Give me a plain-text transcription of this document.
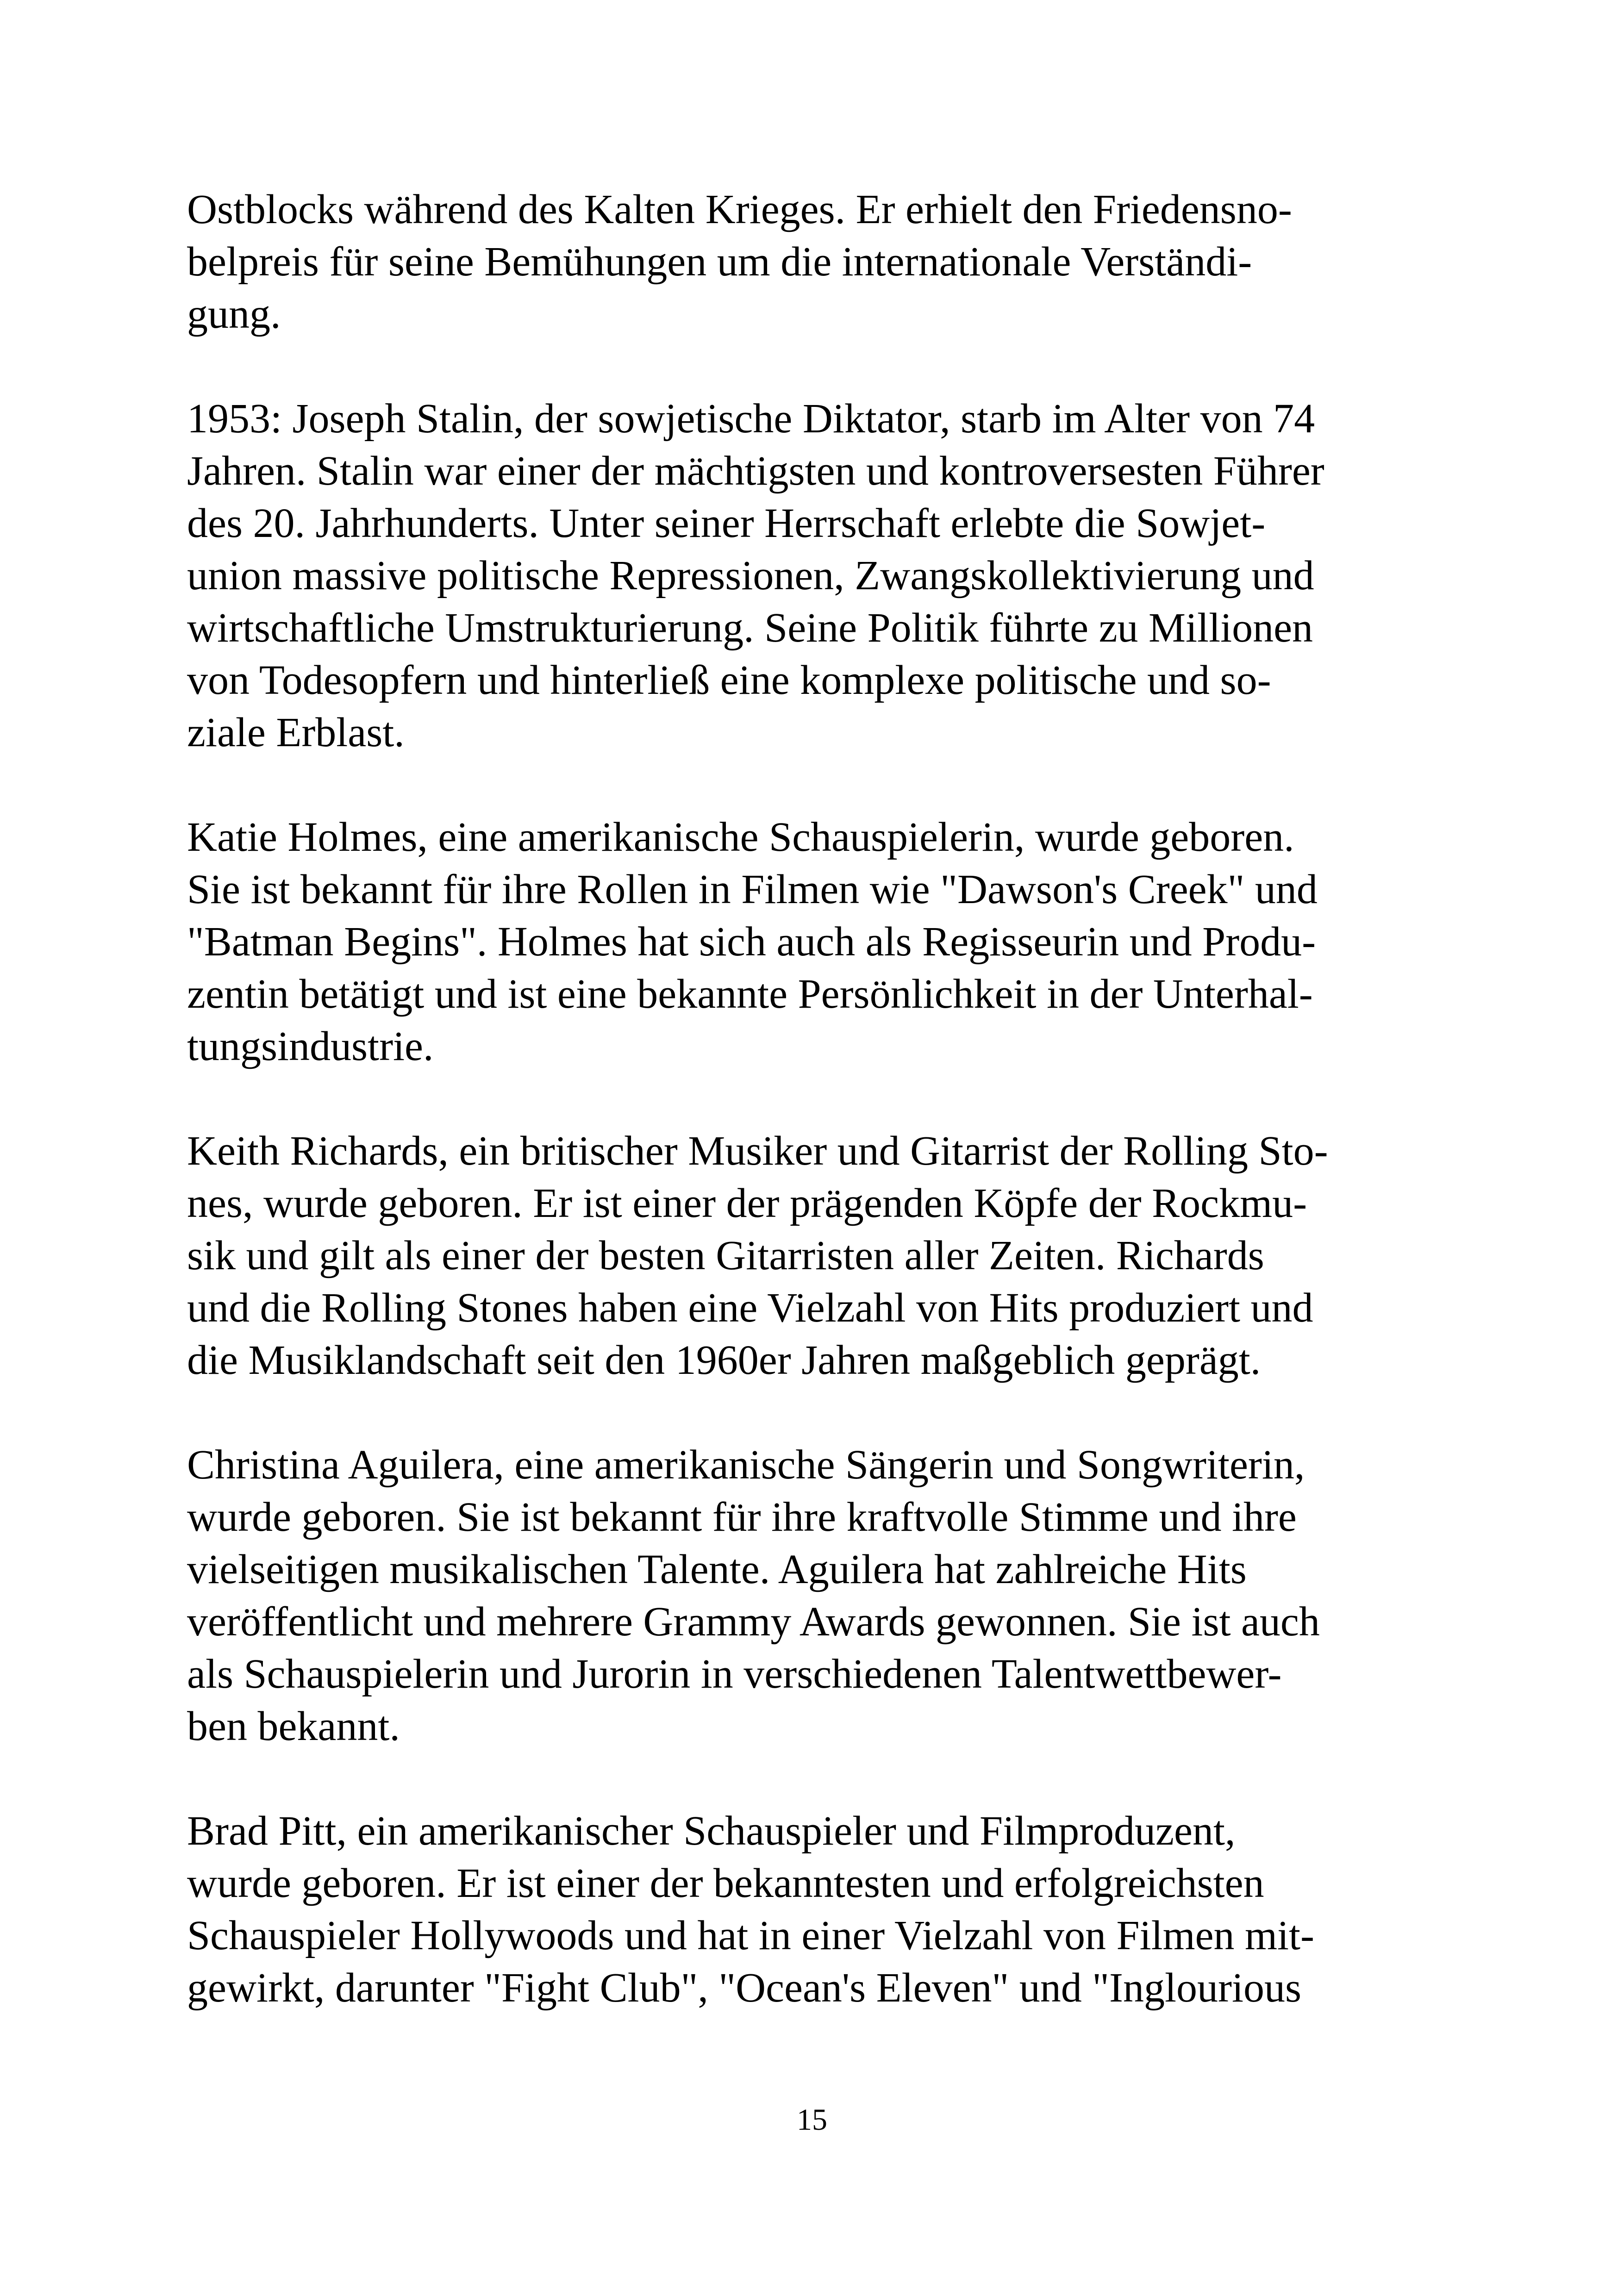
Ostblocks während des Kalten Krieges. Er erhielt den Friedensno-
belpreis für seine Bemühungen um die internationale Verständi-
gung.

1953: Joseph Stalin, der sowjetische Diktator, starb im Alter von 74
Jahren. Stalin war einer der mächtigsten und kontroversesten Führer
des 20. Jahrhunderts. Unter seiner Herrschaft erlebte die Sowjet-
union massive politische Repressionen, Zwangskollektivierung und
wirtschaftliche Umstrukturierung. Seine Politik führte zu Millionen
von Todesopfern und hinterließ eine komplexe politische und so-
ziale Erblast.

Katie Holmes, eine amerikanische Schauspielerin, wurde geboren.
Sie ist bekannt für ihre Rollen in Filmen wie "Dawson's Creek" und
"Batman Begins". Holmes hat sich auch als Regisseurin und Produ-
zentin betätigt und ist eine bekannte Persönlichkeit in der Unterhal-
tungsindustrie.

Keith Richards, ein britischer Musiker und Gitarrist der Rolling Sto-
nes, wurde geboren. Er ist einer der prägenden Köpfe der Rockmu-
sik und gilt als einer der besten Gitarristen aller Zeiten. Richards
und die Rolling Stones haben eine Vielzahl von Hits produziert und
die Musiklandschaft seit den 1960er Jahren maßgeblich geprägt.

Christina Aguilera, eine amerikanische Sängerin und Songwriterin,
wurde geboren. Sie ist bekannt für ihre kraftvolle Stimme und ihre
vielseitigen musikalischen Talente. Aguilera hat zahlreiche Hits
veröffentlicht und mehrere Grammy Awards gewonnen. Sie ist auch
als Schauspielerin und Jurorin in verschiedenen Talentwettbewer-
ben bekannt.

Brad Pitt, ein amerikanischer Schauspieler und Filmproduzent,
wurde geboren. Er ist einer der bekanntesten und erfolgreichsten
Schauspieler Hollywoods und hat in einer Vielzahl von Filmen mit-
gewirkt, darunter "Fight Club", "Ocean's Eleven" und "Inglourious

15
